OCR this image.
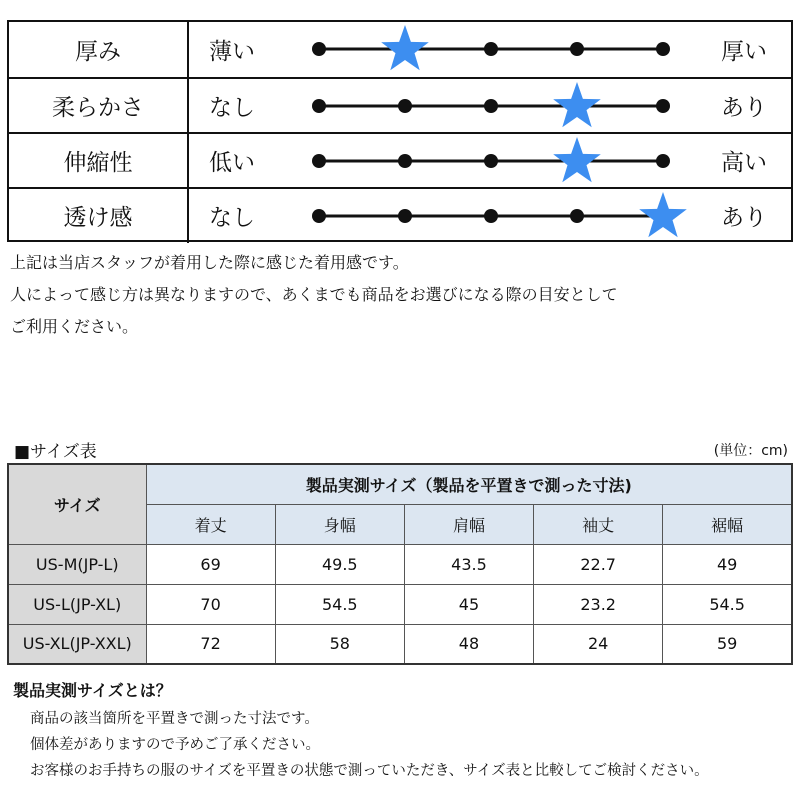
厚み	薄い	厚い
柔らかさ	なし	あり
伸縮性	低い	高い
透け感	なし	あり
上記は当店スタッフが着用した際に感じた着用感です。
人によって感じ方は異なりますので、あくまでも商品をお選びになる際の目安として
ご利用ください。
■サイズ表	(単位：cm)
サイズ	製品実測サイズ（製品を平置きで測った寸法)				
	着丈	身幅	肩幅	袖丈	裾幅
US-M(JP-L)	69	49.5	43.5	22.7	49
US-L(JP-XL)	70	54.5	45	23.2	54.5
US-XL(JP-XXL)	72	58	48	24	59
製品実測サイズとは？
商品の該当箇所を平置きで測った寸法です。
個体差がありますので予めご了承ください。
お客様のお手持ちの服のサイズを平置きの状態で測っていただき、サイズ表と比較してご検討ください。
